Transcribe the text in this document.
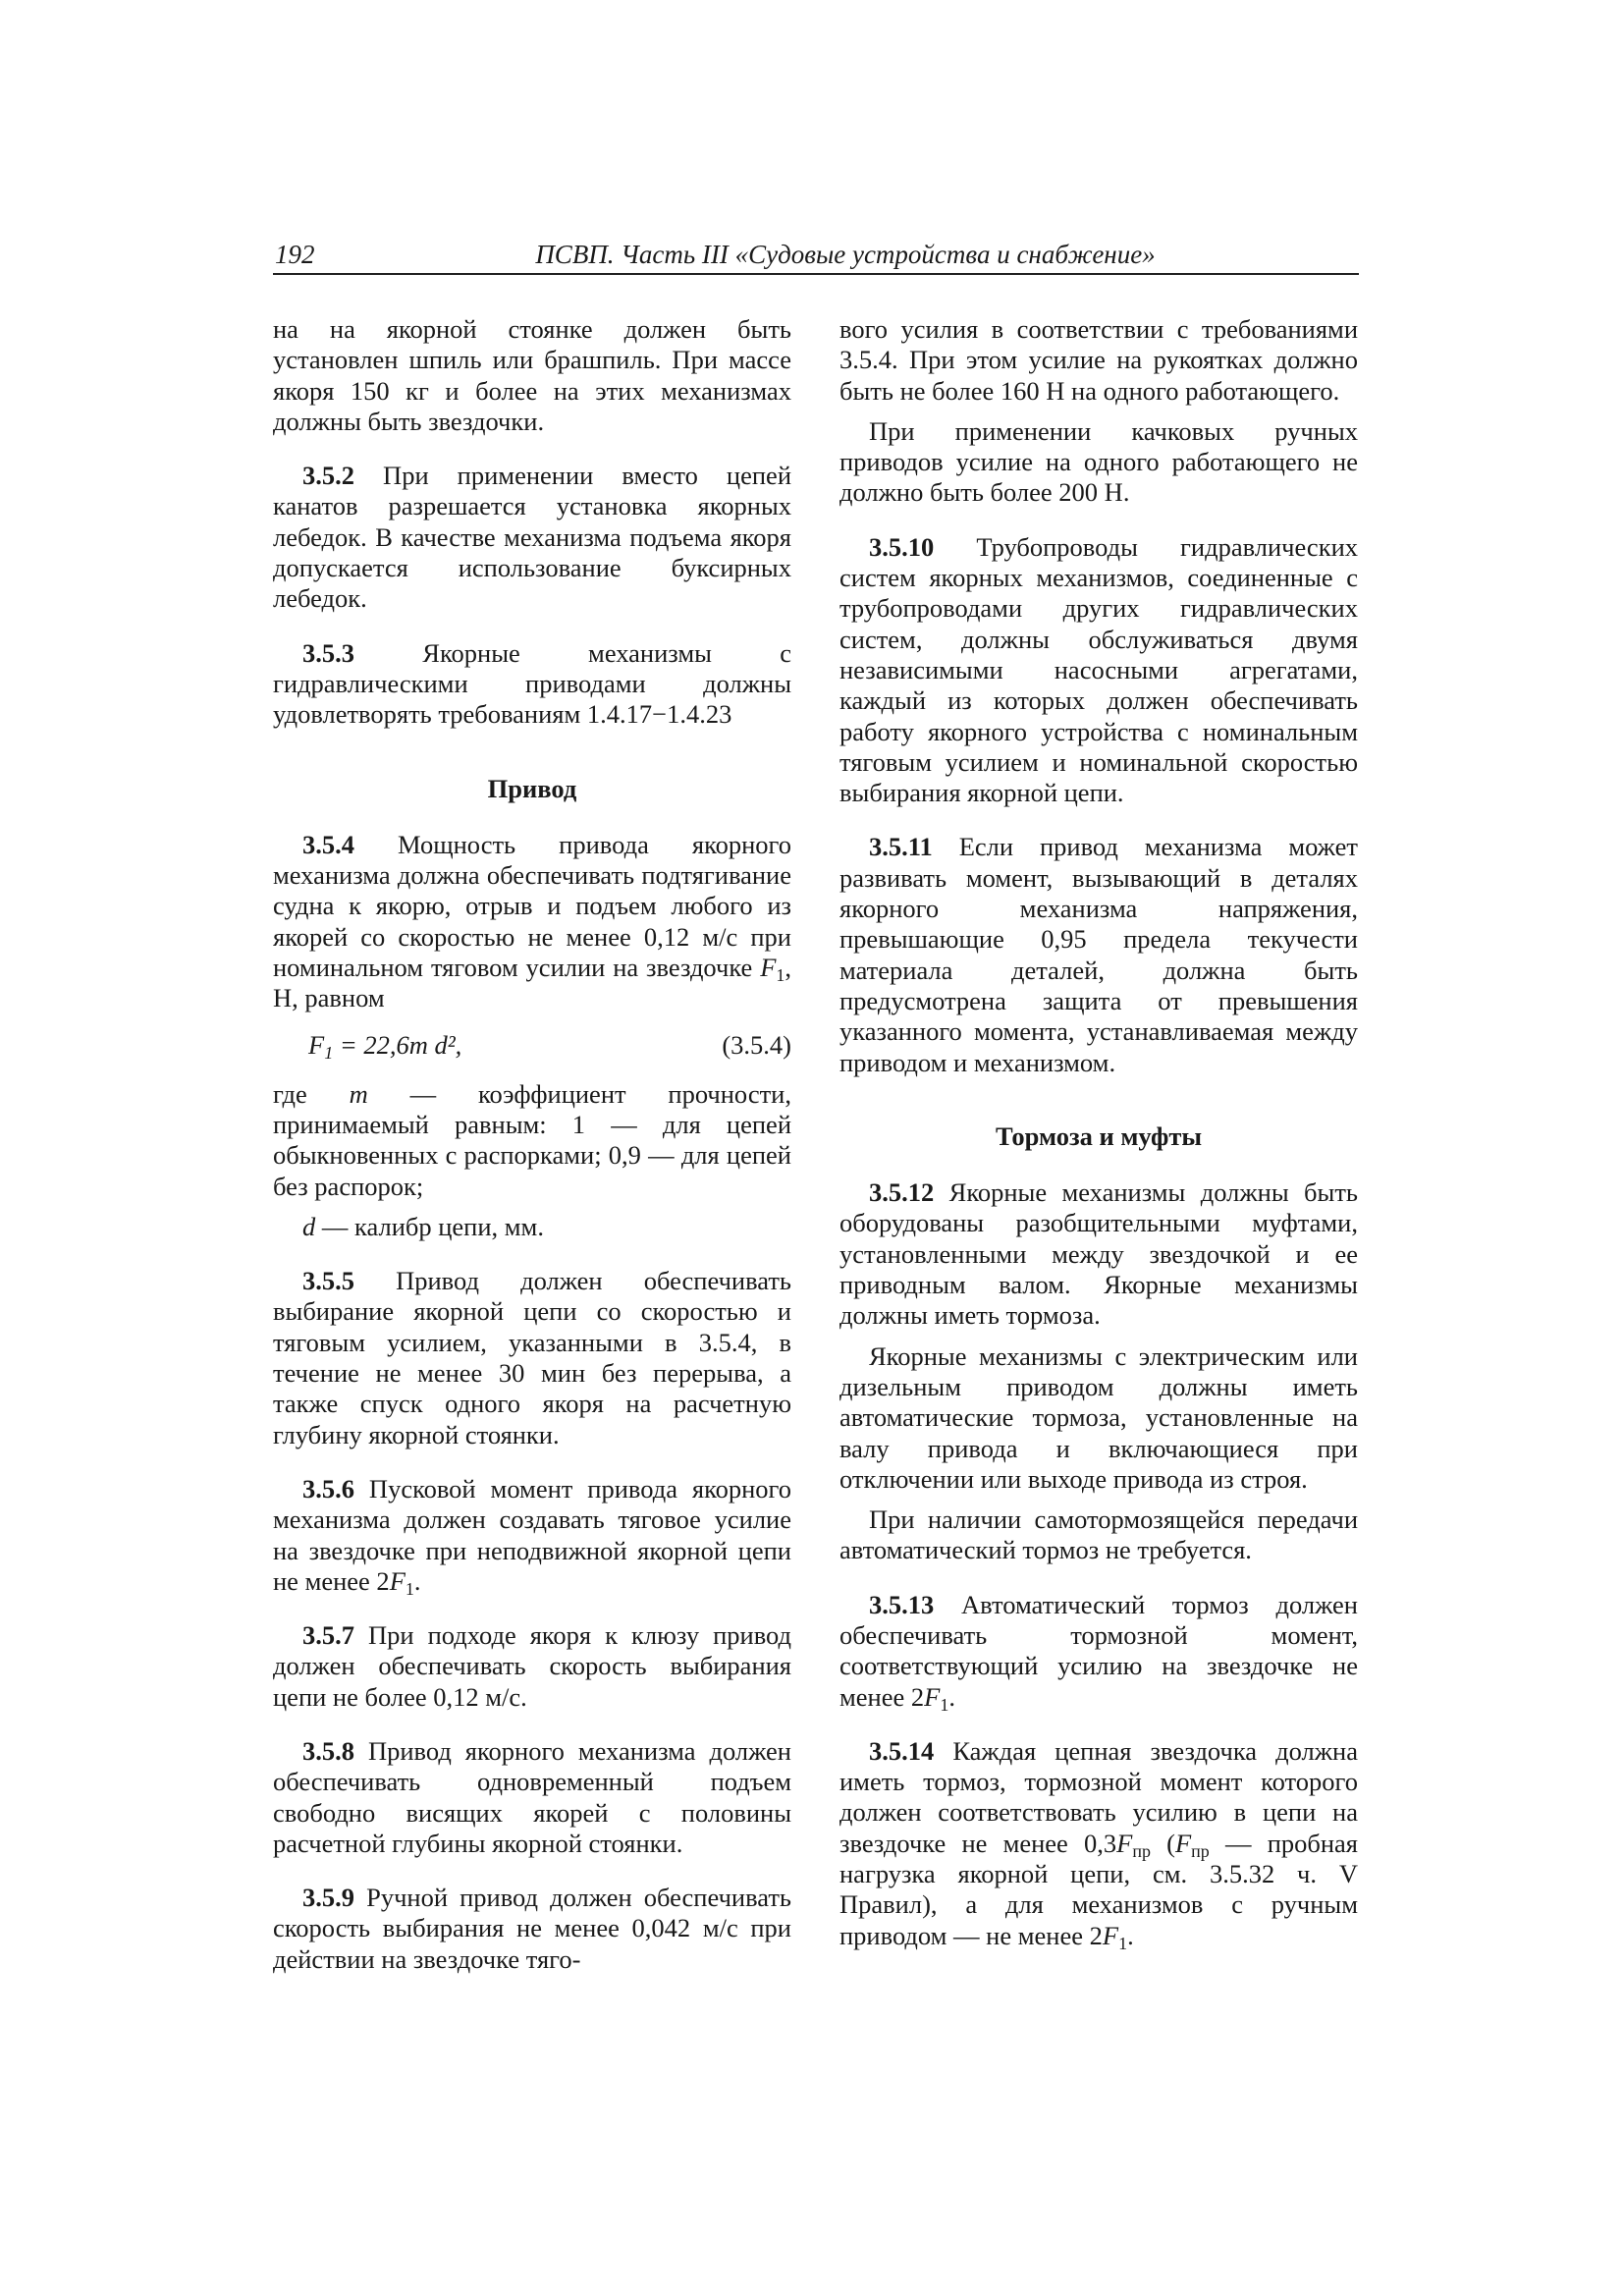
192	ПСВП. Часть III «Судовые устройства и снабжение»

на на якорной стоянке должен быть установлен шпиль или брашпиль. При массе якоря 150 кг и более на этих механизмах должны быть звездочки.

3.5.2 При применении вместо цепей канатов разрешается установка якорных лебедок. В качестве механизма подъема якоря допускается использование буксирных лебедок.

3.5.3 Якорные механизмы с гидравлическими приводами должны удовлетворять требованиям 1.4.17−1.4.23

Привод

3.5.4 Мощность привода якорного механизма должна обеспечивать подтягивание судна к якорю, отрыв и подъем любого из якорей со скоростью не менее 0,12 м/с при номинальном тяговом усилии на звездочке $F_1$, Н, равном

$F_1 = 22,6m$ d²,	(3.5.4)

где m — коэффициент прочности, принимаемый равным: 1 — для цепей обыкновенных с распорками; 0,9 — для цепей без распорок;

d — калибр цепи, мм.

3.5.5 Привод должен обеспечивать выбирание якорной цепи со скоростью и тяговым усилием, указанными в 3.5.4, в течение не менее 30 мин без перерыва, а также спуск одного якоря на расчетную глубину якорной стоянки.

3.5.6 Пусковой момент привода якорного механизма должен создавать тяговое усилие на звездочке при неподвижной якорной цепи не менее $2F_1$.

3.5.7 При подходе якоря к клюзу привод должен обеспечивать скорость выбирания цепи не более 0,12 м/с.

3.5.8 Привод якорного механизма должен обеспечивать одновременный подъем свободно висящих якорей с половины расчетной глубины якорной стоянки.

3.5.9 Ручной привод должен обеспечивать скорость выбирания не менее 0,042 м/с при действии на звездочке тяго-

вого усилия в соответствии с требованиями 3.5.4. При этом усилие на рукоятках должно быть не более 160 Н на одного работающего.

При применении качковых ручных приводов усилие на одного работающего не должно быть более 200 Н.

3.5.10 Трубопроводы гидравлических систем якорных механизмов, соединенные с трубопроводами других гидравлических систем, должны обслуживаться двумя независимыми насосными агрегатами, каждый из которых должен обеспечивать работу якорного устройства с номинальным тяговым усилием и номинальной скоростью выбирания якорной цепи.

3.5.11 Если привод механизма может развивать момент, вызывающий в деталях якорного механизма напряжения, превышающие 0,95 предела текучести материала деталей, должна быть предусмотрена защита от превышения указанного момента, устанавливаемая между приводом и механизмом.

Тормоза и муфты

3.5.12 Якорные механизмы должны быть оборудованы разобщительными муфтами, установленными между звездочкой и ее приводным валом. Якорные механизмы должны иметь тормоза.

Якорные механизмы с электрическим или дизельным приводом должны иметь автоматические тормоза, установленные на валу привода и включающиеся при отключении или выходе привода из строя.

При наличии самотормозящейся передачи автоматический тормоз не требуется.

3.5.13 Автоматический тормоз должен обеспечивать тормозной момент, соответствующий усилию на звездочке не менее $2F_1$.

3.5.14 Каждая цепная звездочка должна иметь тормоз, тормозной момент которого должен соответствовать усилию в цепи на звездочке не менее $0,3F_{пр}$ ($F_{пр}$ — пробная нагрузка якорной цепи, см. 3.5.32 ч. V Правил), а для механизмов с ручным приводом — не менее $2F_1$.
